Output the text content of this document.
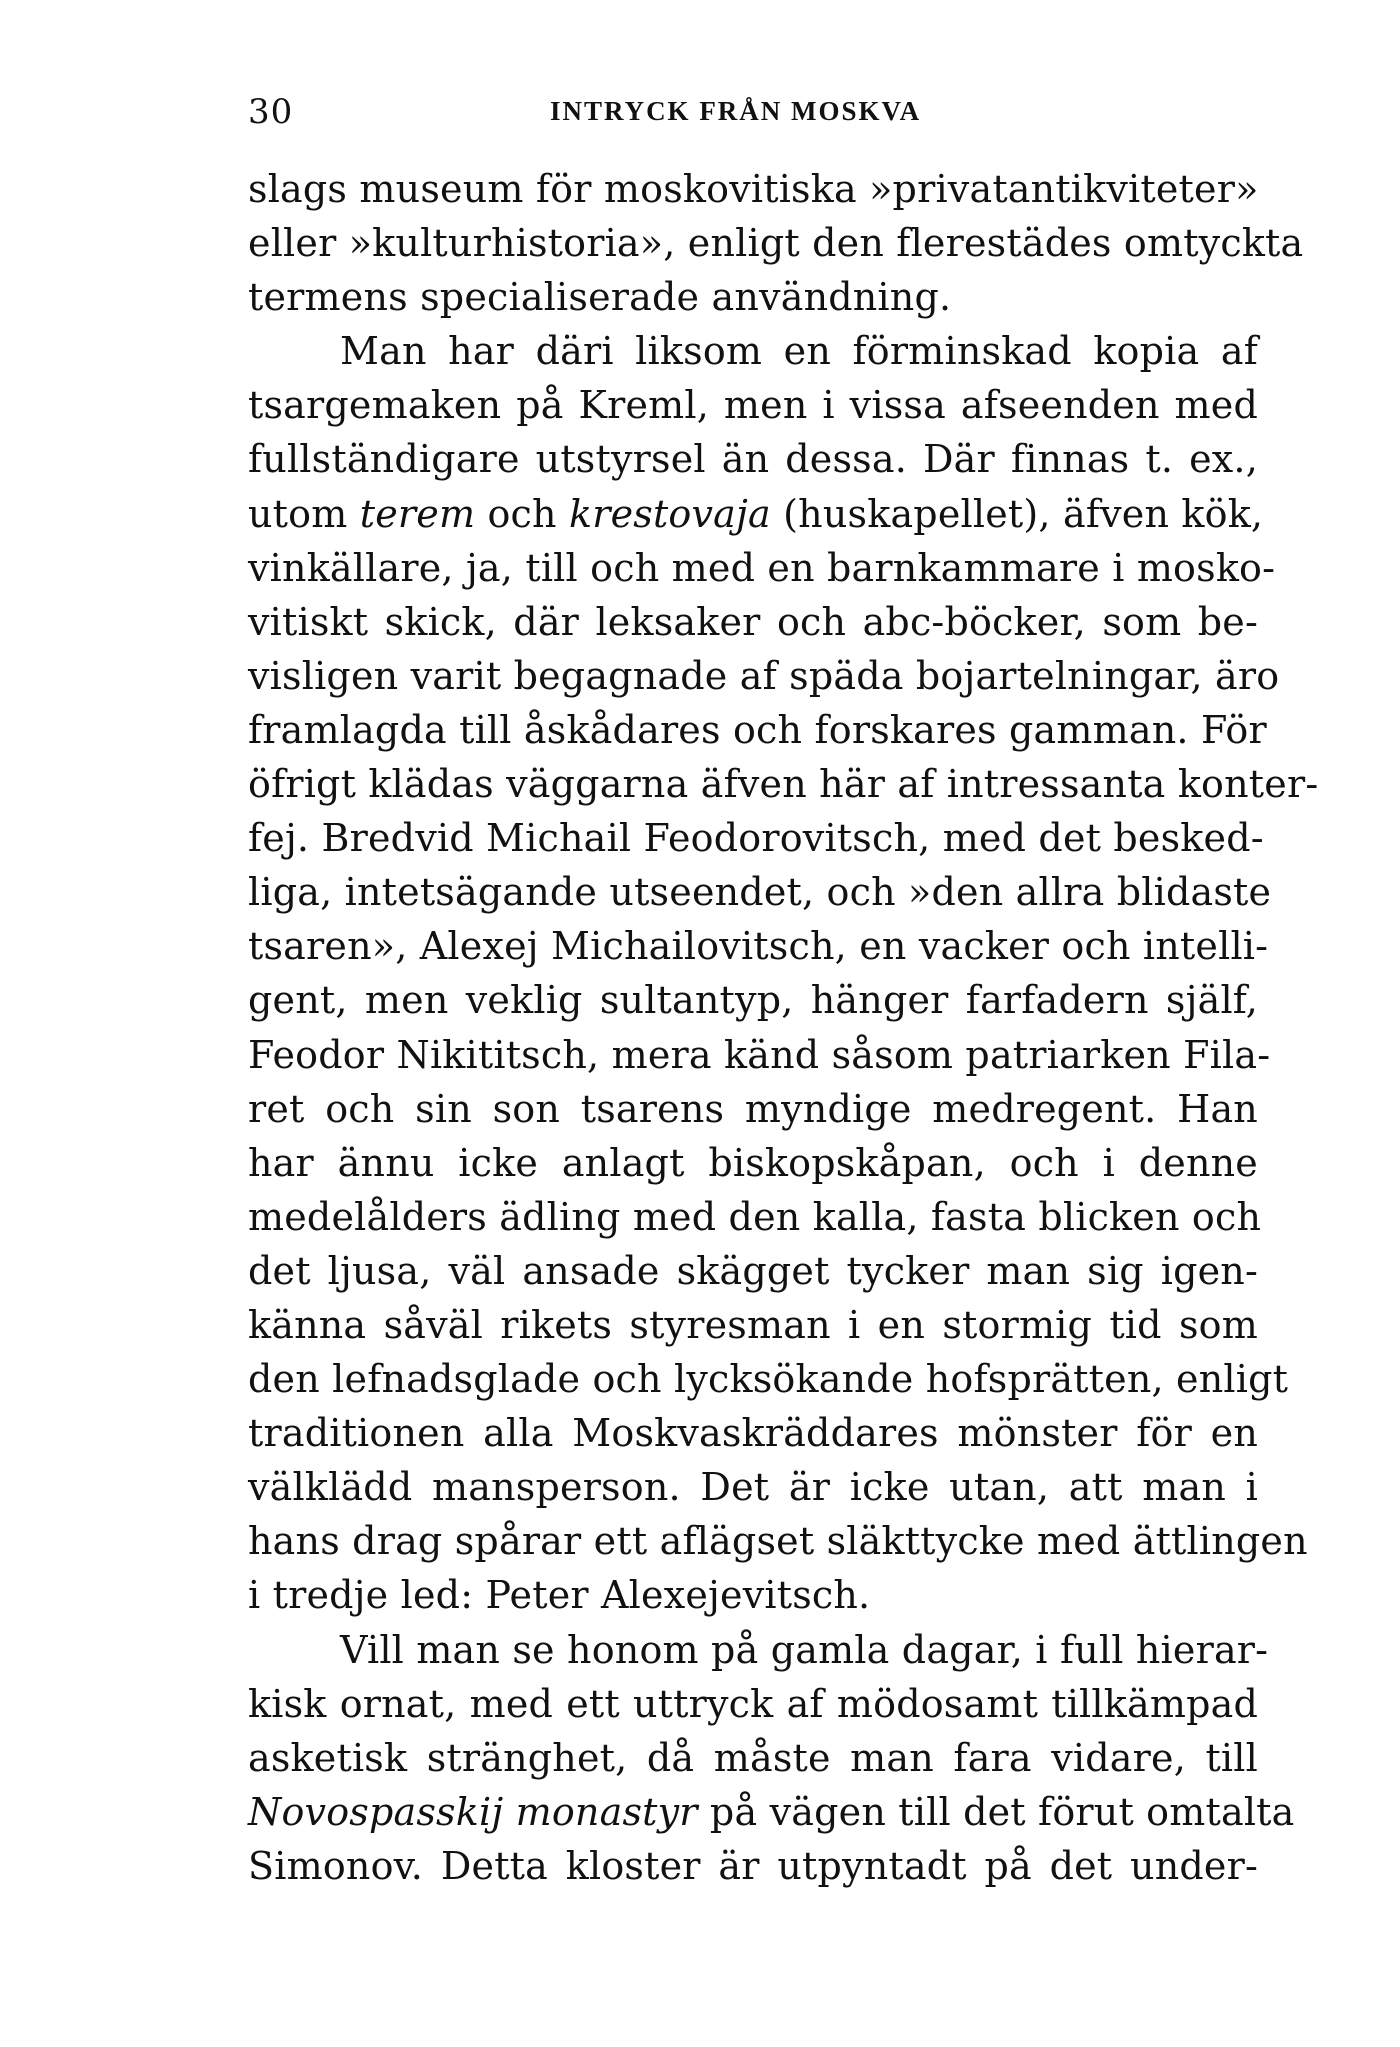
30	INTRYCK FRÅN MOSKVA
slags museum för moskovitiska »privatantikviteter»
eller »kulturhistoria», enligt den flerestädes omtyckta
termens specialiserade användning.
Man har däri liksom en förminskad kopia af
tsargemaken på Kreml, men i vissa afseenden med
fullständigare utstyrsel än dessa. Där finnas t. ex.,
utom terem och krestovaja (huskapellet), äfven kök,
vinkällare, ja, till och med en barnkammare i mosko-
vitiskt skick, där leksaker och abc-böcker, som be-
visligen varit begagnade af späda bojartelningar, äro
framlagda till åskådares och forskares gamman. För
öfrigt klädas väggarna äfven här af intressanta konter-
fej. Bredvid Michail Feodorovitsch, med det besked-
liga, intetsägande utseendet, och »den allra blidaste
tsaren», Alexej Michailovitsch, en vacker och intelli-
gent, men veklig sultantyp, hänger farfadern själf,
Feodor Nikititsch, mera känd såsom patriarken Fila-
ret och sin son tsarens myndige medregent. Han
har ännu icke anlagt biskopskåpan, och i denne
medelålders ädling med den kalla, fasta blicken och
det ljusa, väl ansade skägget tycker man sig igen-
känna såväl rikets styresman i en stormig tid som
den lefnadsglade och lycksökande hofsprätten, enligt
traditionen alla Moskvaskräddares mönster för en
välklädd mansperson. Det är icke utan, att man i
hans drag spårar ett aflägset släkttycke med ättlingen
i tredje led: Peter Alexejevitsch.
Vill man se honom på gamla dagar, i full hierar-
kisk ornat, med ett uttryck af mödosamt tillkämpad
asketisk stränghet, då måste man fara vidare, till
Novospasskij monastyr på vägen till det förut omtalta
Simonov. Detta kloster är utpyntadt på det under-
